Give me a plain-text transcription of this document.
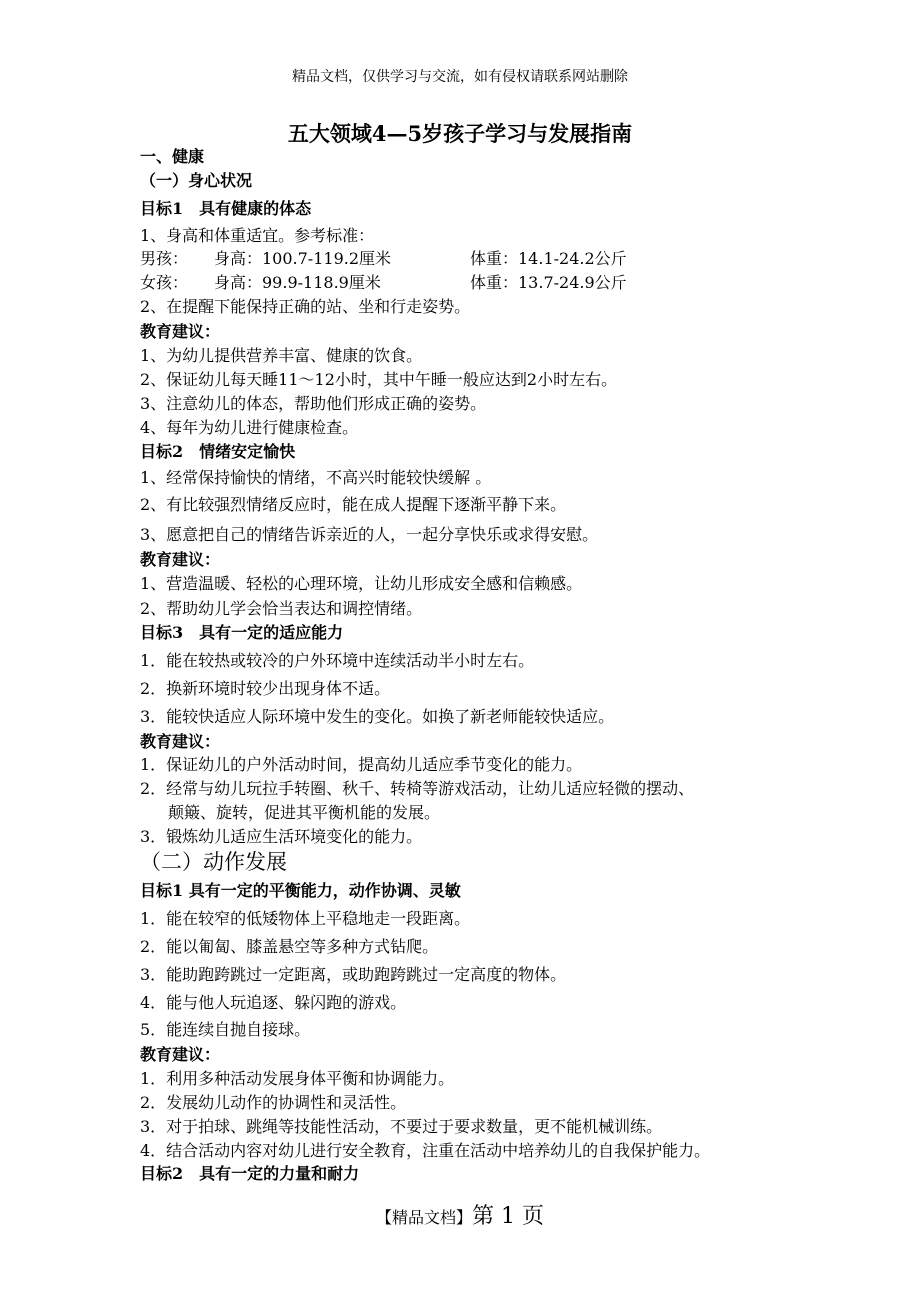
精品文档，仅供学习与交流，如有侵权请联系网站删除
五大领域4—5岁孩子学习与发展指南
一、健康
（一）身心状况
目标1　具有健康的体态
1、身高和体重适宜。参考标准：
男孩： 身高：100.7-119.2厘米	体重：14.1-24.2公斤
女孩： 身高：99.9-118.9厘米	体重：13.7-24.9公斤
2、在提醒下能保持正确的站、坐和行走姿势。
教育建议：
1、为幼儿提供营养丰富、健康的饮食。
2、保证幼儿每天睡11～12小时，其中午睡一般应达到2小时左右。
3、注意幼儿的体态，帮助他们形成正确的姿势。
4、每年为幼儿进行健康检查。
目标2　情绪安定愉快
1、经常保持愉快的情绪，不高兴时能较快缓解 。
2、有比较强烈情绪反应时，能在成人提醒下逐渐平静下来。
3、愿意把自己的情绪告诉亲近的人，一起分享快乐或求得安慰。
教育建议：
1、营造温暖、轻松的心理环境，让幼儿形成安全感和信赖感。
2、帮助幼儿学会恰当表达和调控情绪。
目标3　具有一定的适应能力
1．能在较热或较冷的户外环境中连续活动半小时左右。
2．换新环境时较少出现身体不适。
3．能较快适应人际环境中发生的变化。如换了新老师能较快适应。
教育建议：
1．保证幼儿的户外活动时间，提高幼儿适应季节变化的能力。
2．经常与幼儿玩拉手转圈、秋千、转椅等游戏活动，让幼儿适应轻微的摆动、
颠簸、旋转，促进其平衡机能的发展。
3．锻炼幼儿适应生活环境变化的能力。
（二）动作发展
目标1 具有一定的平衡能力，动作协调、灵敏
1．能在较窄的低矮物体上平稳地走一段距离。
2．能以匍匐、膝盖悬空等多种方式钻爬。
3．能助跑跨跳过一定距离，或助跑跨跳过一定高度的物体。
4．能与他人玩追逐、躲闪跑的游戏。
5．能连续自抛自接球。
教育建议：
1．利用多种活动发展身体平衡和协调能力。
2．发展幼儿动作的协调性和灵活性。
3．对于拍球、跳绳等技能性活动，不要过于要求数量，更不能机械训练。
4．结合活动内容对幼儿进行安全教育，注重在活动中培养幼儿的自我保护能力。
目标2　具有一定的力量和耐力
【精品文档】第 1 页
